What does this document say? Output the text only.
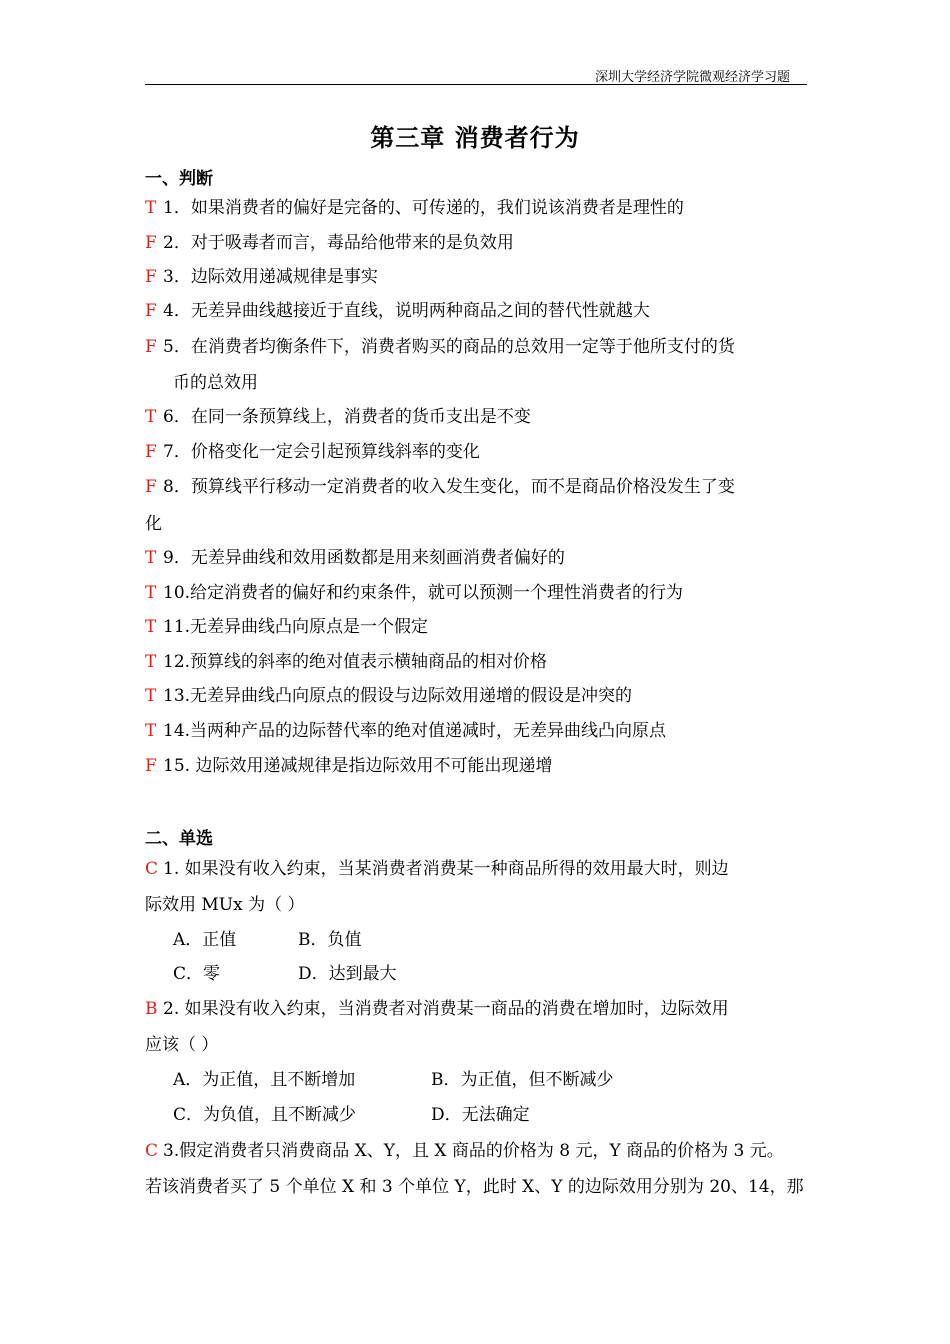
深圳大学经济学院微观经济学习题
第三章 消费者行为
一、判断
T 1．如果消费者的偏好是完备的、可传递的，我们说该消费者是理性的
F 2．对于吸毒者而言，毒品给他带来的是负效用
F 3．边际效用递减规律是事实
F 4．无差异曲线越接近于直线，说明两种商品之间的替代性就越大
F 5．在消费者均衡条件下，消费者购买的商品的总效用一定等于他所支付的货
币的总效用
T 6．在同一条预算线上，消费者的货币支出是不变
F 7．价格变化一定会引起预算线斜率的变化
F 8．预算线平行移动一定消费者的收入发生变化，而不是商品价格没发生了变
化
T 9．无差异曲线和效用函数都是用来刻画消费者偏好的
T 10.给定消费者的偏好和约束条件，就可以预测一个理性消费者的行为
T 11.无差异曲线凸向原点是一个假定
T 12.预算线的斜率的绝对值表示横轴商品的相对价格
T 13.无差异曲线凸向原点的假设与边际效用递增的假设是冲突的
T 14.当两种产品的边际替代率的绝对值递减时，无差异曲线凸向原点
F 15. 边际效用递减规律是指边际效用不可能出现递增
二、单选
C 1. 如果没有收入约束，当某消费者消费某一种商品所得的效用最大时，则边
际效用 MUx 为（ ）
A．正值	B．负值
C．零	D．达到最大
B 2. 如果没有收入约束，当消费者对消费某一商品的消费在增加时，边际效用
应该（ ）
A．为正值，且不断增加	B．为正值，但不断减少
C．为负值，且不断减少	D．无法确定
C 3.假定消费者只消费商品 X、Y，且 X 商品的价格为 8 元，Y 商品的价格为 3 元。
若该消费者买了 5 个单位 X 和 3 个单位 Y，此时 X、Y 的边际效用分别为 20、14，那
